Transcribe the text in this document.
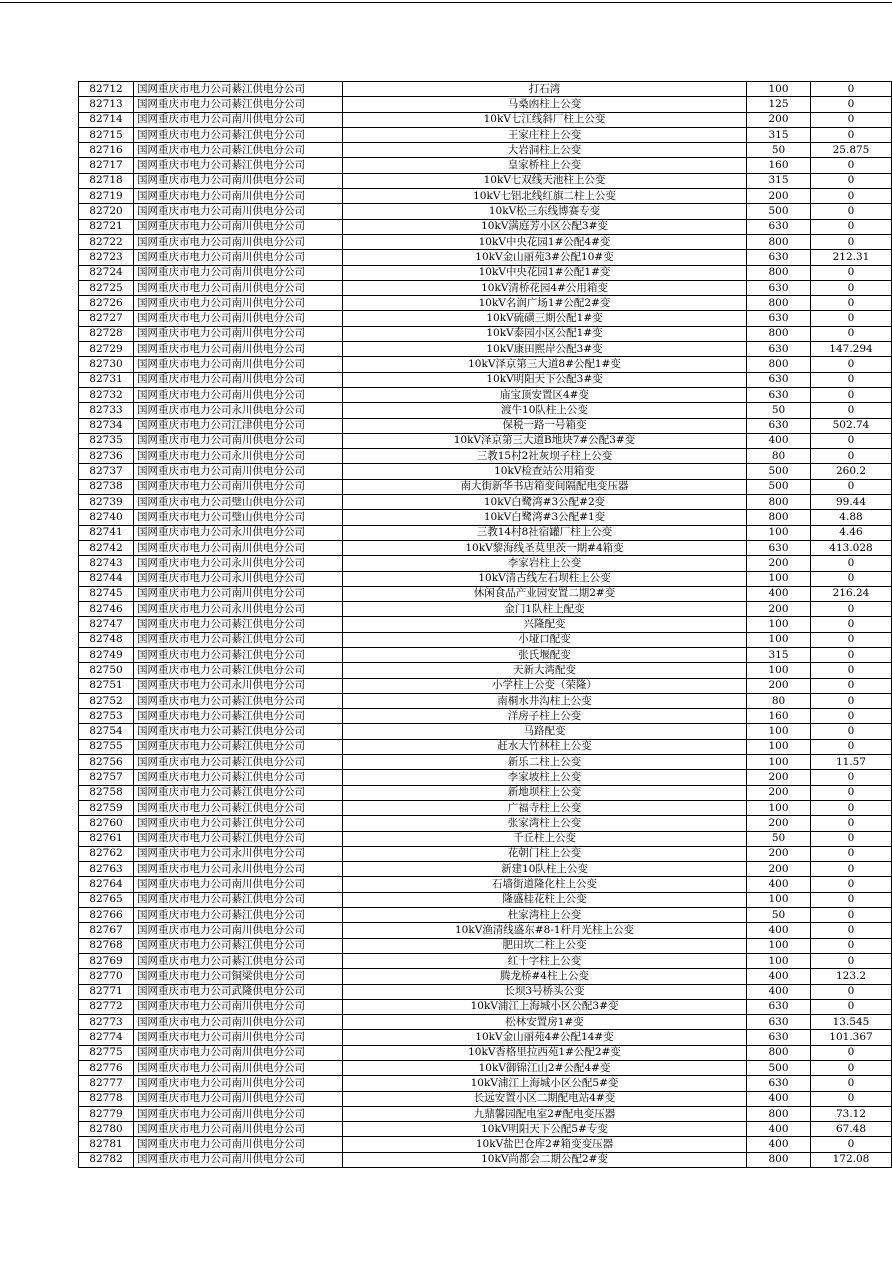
82712	国网重庆市电力公司綦江供电分公司	打石湾	100	0
82713	国网重庆市电力公司綦江供电分公司	马桑凼柱上公变	125	0
82714	国网重庆市电力公司南川供电分公司	10kV七江线斜厂柱上公变	200	0
82715	国网重庆市电力公司綦江供电分公司	王家庄柱上公变	315	0
82716	国网重庆市电力公司綦江供电分公司	大岩洞柱上公变	50	25.875
82717	国网重庆市电力公司綦江供电分公司	皇家桥柱上公变	160	0
82718	国网重庆市电力公司南川供电分公司	10kV七双线天池柱上公变	315	0
82719	国网重庆市电力公司南川供电分公司	10kV七铝北线红旗二柱上公变	200	0
82720	国网重庆市电力公司南川供电分公司	10kV松三东线博赛专变	500	0
82721	国网重庆市电力公司南川供电分公司	10kV满庭芳小区公配3#变	630	0
82722	国网重庆市电力公司南川供电分公司	10kV中央花园1#公配4#变	800	0
82723	国网重庆市电力公司南川供电分公司	10kV金山丽苑3#公配10#变	630	212.31
82724	国网重庆市电力公司南川供电分公司	10kV中央花园1#公配1#变	800	0
82725	国网重庆市电力公司南川供电分公司	10kV清桥花园4#公用箱变	630	0
82726	国网重庆市电力公司南川供电分公司	10kV名润广场1#公配2#变	800	0
82727	国网重庆市电力公司南川供电分公司	10kV硫磺三期公配1#变	630	0
82728	国网重庆市电力公司南川供电分公司	10kV泰园小区公配1#变	800	0
82729	国网重庆市电力公司南川供电分公司	10kV康田熙岸公配3#变	630	147.294
82730	国网重庆市电力公司南川供电分公司	10kV泽京第三大道8#公配1#变	800	0
82731	国网重庆市电力公司南川供电分公司	10kV明阳天下公配3#变	630	0
82732	国网重庆市电力公司南川供电分公司	庙宝顶安置区4#变	630	0
82733	国网重庆市电力公司永川供电分公司	渡牛10队柱上公变	50	0
82734	国网重庆市电力公司江津供电分公司	保税一路一号箱变	630	502.74
82735	国网重庆市电力公司南川供电分公司	10kV泽京第三大道B地块7#公配3#变	400	0
82736	国网重庆市电力公司永川供电分公司	三教15村2社灰坝子柱上公变	80	0
82737	国网重庆市电力公司南川供电分公司	10kV检查站公用箱变	500	260.2
82738	国网重庆市电力公司南川供电分公司	南大街新华书店箱变间隔配电变压器	500	0
82739	国网重庆市电力公司璧山供电分公司	10kV白鹭湾#3公配#2变	800	99.44
82740	国网重庆市电力公司璧山供电分公司	10kV白鹭湾#3公配#1变	800	4.88
82741	国网重庆市电力公司永川供电分公司	三教14村8社宿罐厂柱上公变	100	4.46
82742	国网重庆市电力公司南川供电分公司	10kV黎海线圣莫里茨一期#4箱变	630	413.028
82743	国网重庆市电力公司永川供电分公司	李家岩柱上公变	200	0
82744	国网重庆市电力公司永川供电分公司	10kV清古线左石坝柱上公变	100	0
82745	国网重庆市电力公司南川供电分公司	休闲食品产业园安置二期2#变	400	216.24
82746	国网重庆市电力公司永川供电分公司	金门1队柱上配变	200	0
82747	国网重庆市电力公司綦江供电分公司	兴隆配变	100	0
82748	国网重庆市电力公司綦江供电分公司	小垭口配变	100	0
82749	国网重庆市电力公司綦江供电分公司	张氏堰配变	315	0
82750	国网重庆市电力公司綦江供电分公司	天新大湾配变	100	0
82751	国网重庆市电力公司永川供电分公司	小学柱上公变（荣隆）	200	0
82752	国网重庆市电力公司綦江供电分公司	南桐水井沟柱上公变	80	0
82753	国网重庆市电力公司綦江供电分公司	洋房子柱上公变	160	0
82754	国网重庆市电力公司綦江供电分公司	马路配变	100	0
82755	国网重庆市电力公司綦江供电分公司	赶水大竹林柱上公变	100	0
82756	国网重庆市电力公司綦江供电分公司	新乐二柱上公变	100	11.57
82757	国网重庆市电力公司綦江供电分公司	李家坡柱上公变	200	0
82758	国网重庆市电力公司綦江供电分公司	新地坝柱上公变	200	0
82759	国网重庆市电力公司綦江供电分公司	广福寺柱上公变	100	0
82760	国网重庆市电力公司綦江供电分公司	张家湾柱上公变	200	0
82761	国网重庆市电力公司綦江供电分公司	千丘柱上公变	50	0
82762	国网重庆市电力公司永川供电分公司	花朝门柱上公变	200	0
82763	国网重庆市电力公司永川供电分公司	新建10队柱上公变	200	0
82764	国网重庆市电力公司南川供电分公司	石墙街道隆化柱上公变	400	0
82765	国网重庆市电力公司綦江供电分公司	隆盛桂花柱上公变	100	0
82766	国网重庆市电力公司綦江供电分公司	杜家湾柱上公变	50	0
82767	国网重庆市电力公司南川供电分公司	10kV渔清线盛东#8-1杆月光柱上公变	400	0
82768	国网重庆市电力公司綦江供电分公司	肥田坎二柱上公变	100	0
82769	国网重庆市电力公司綦江供电分公司	红十字柱上公变	100	0
82770	国网重庆市电力公司铜梁供电分公司	腾龙桥#4柱上公变	400	123.2
82771	国网重庆市电力公司武隆供电分公司	长坝3号桥头公变	400	0
82772	国网重庆市电力公司南川供电分公司	10kV浦江上海城小区公配3#变	630	0
82773	国网重庆市电力公司南川供电分公司	松林安置房1#变	630	13.545
82774	国网重庆市电力公司南川供电分公司	10kV金山丽苑4#公配14#变	630	101.367
82775	国网重庆市电力公司南川供电分公司	10kV香格里拉西苑1#公配2#变	800	0
82776	国网重庆市电力公司南川供电分公司	10kV御锦江山2#公配4#变	500	0
82777	国网重庆市电力公司南川供电分公司	10kV浦江上海城小区公配5#变	630	0
82778	国网重庆市电力公司南川供电分公司	长远安置小区二期配电站4#变	400	0
82779	国网重庆市电力公司南川供电分公司	九鼎馨园配电室2#配电变压器	800	73.12
82780	国网重庆市电力公司南川供电分公司	10kV明阳天下公配5#专变	400	67.48
82781	国网重庆市电力公司南川供电分公司	10kV盐巴仓库2#箱变变压器	400	0
82782	国网重庆市电力公司南川供电分公司	10kV尚都会二期公配2#变	800	172.08
